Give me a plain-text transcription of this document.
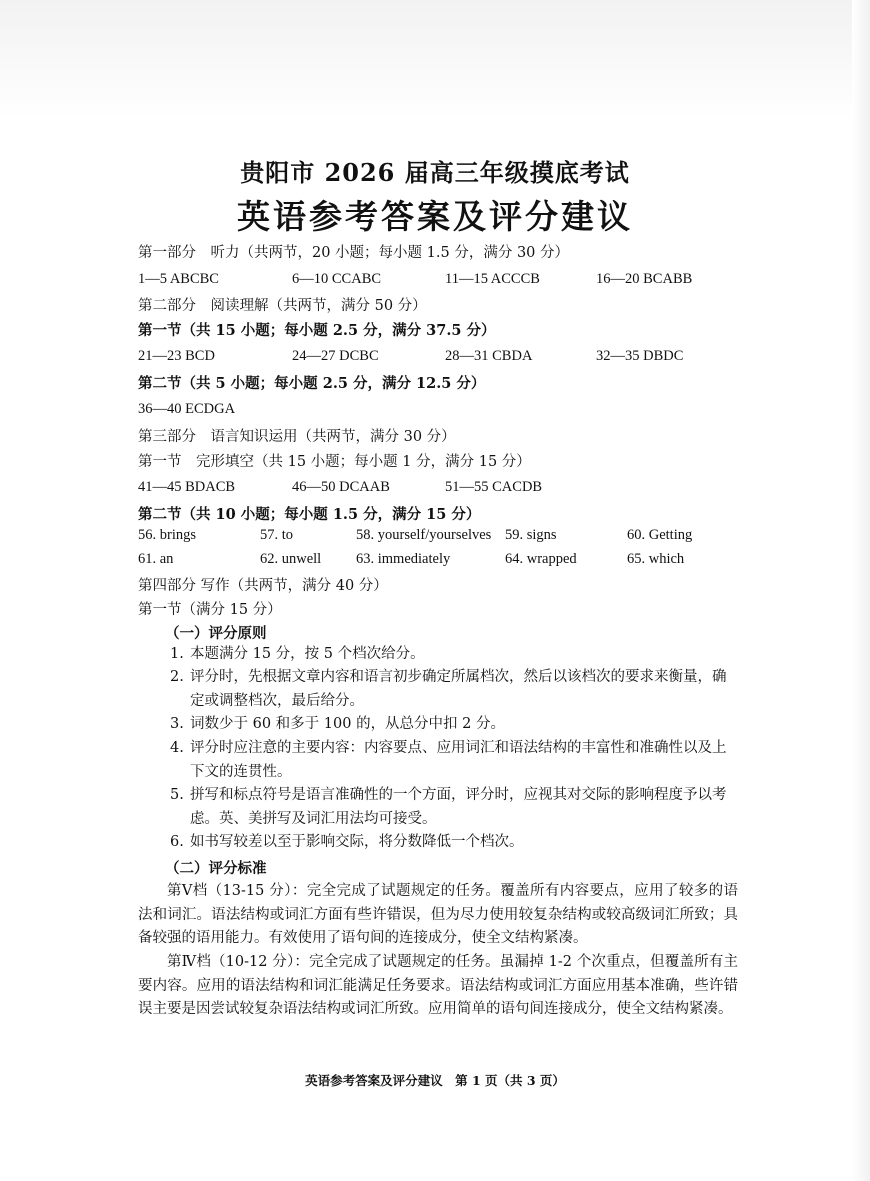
贵阳市 2026 届高三年级摸底考试
英语参考答案及评分建议
第一部分　听力（共两节，20 小题；每小题 1.5 分，满分 30 分）
1—5 ABCBC	6—10 CCABC	11—15 ACCCB	16—20 BCABB
第二部分　阅读理解（共两节，满分 50 分）
第一节（共 15 小题；每小题 2.5 分，满分 37.5 分）
21—23 BCD	24—27 DCBC	28—31 CBDA	32—35 DBDC
第二节（共 5 小题；每小题 2.5 分，满分 12.5 分）
36—40 ECDGA
第三部分　语言知识运用（共两节，满分 30 分）
第一节　完形填空（共 15 小题；每小题 1 分，满分 15 分）
41—45 BDACB	46—50 DCAAB	51—55 CACDB
第二节（共 10 小题；每小题 1.5 分，满分 15 分）
56. brings	57. to	58. yourself/yourselves 59. signs	60. Getting
61. an	62. unwell 63. immediately	64. wrapped	65. which
第四部分 写作（共两节，满分 40 分）
第一节（满分 15 分）
（一）评分原则
1. 本题满分 15 分，按 5 个档次给分。
2. 评分时，先根据文章内容和语言初步确定所属档次，然后以该档次的要求来衡量，确定或调整档次，最后给分。
3. 词数少于 60 和多于 100 的，从总分中扣 2 分。
4. 评分时应注意的主要内容：内容要点、应用词汇和语法结构的丰富性和准确性以及上下文的连贯性。
5. 拼写和标点符号是语言准确性的一个方面，评分时，应视其对交际的影响程度予以考虑。英、美拼写及词汇用法均可接受。
6. 如书写较差以至于影响交际，将分数降低一个档次。
（二）评分标准
第Ⅴ档（13-15 分）：完全完成了试题规定的任务。覆盖所有内容要点，应用了较多的语法和词汇。语法结构或词汇方面有些许错误，但为尽力使用较复杂结构或较高级词汇所致；具备较强的语用能力。有效使用了语句间的连接成分，使全文结构紧凑。
第Ⅳ档（10-12 分）：完全完成了试题规定的任务。虽漏掉 1-2 个次重点，但覆盖所有主要内容。应用的语法结构和词汇能满足任务要求。语法结构或词汇方面应用基本准确，些许错误主要是因尝试较复杂语法结构或词汇所致。应用简单的语句间连接成分，使全文结构紧凑。
英语参考答案及评分建议　第 1 页（共 3 页）
